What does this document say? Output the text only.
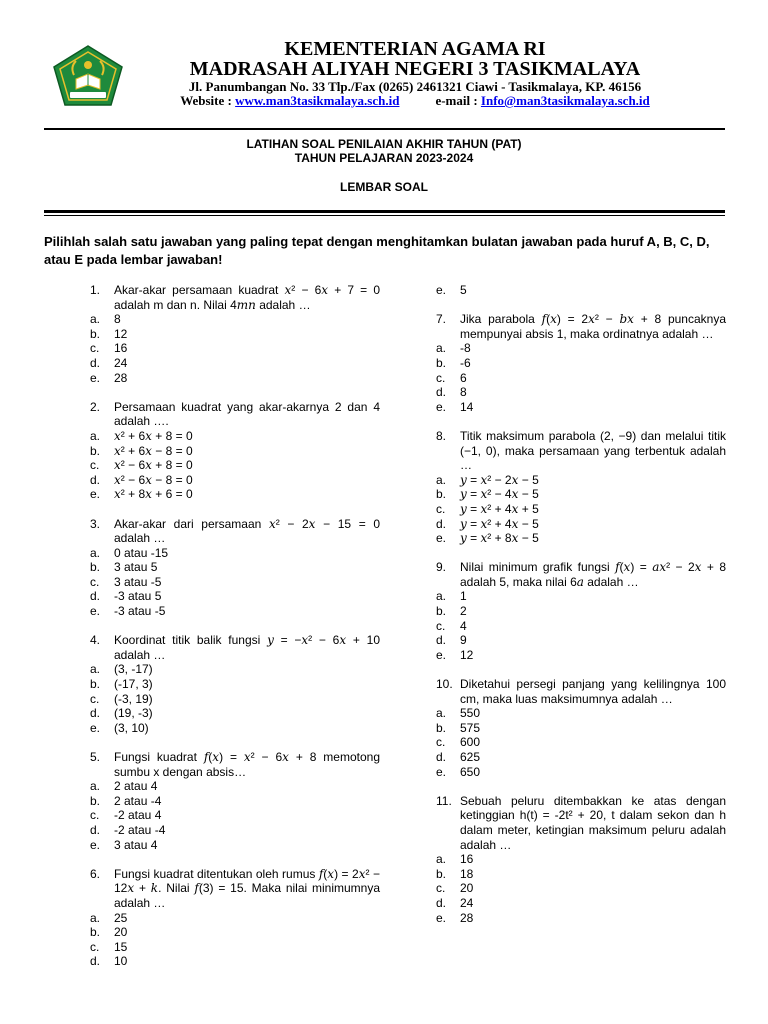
KEMENTERIAN AGAMA RI
MADRASAH ALIYAH NEGERI 3 TASIKMALAYA
Jl. Panumbangan No. 33 Tlp./Fax (0265) 2461321 Ciawi - Tasikmalaya, KP. 46156
Website : www.man3tasikmalaya.sch.id	e-mail : Info@man3tasikmalaya.sch.id
LATIHAN SOAL PENILAIAN AKHIR TAHUN (PAT)
TAHUN PELAJARAN 2023-2024
LEMBAR SOAL
Pilihlah salah satu jawaban yang paling tepat dengan menghitamkan bulatan jawaban pada huruf A, B, C, D, atau E pada lembar jawaban!
1.	Akar-akar persamaan kuadrat x² − 6x + 7 = 0 adalah m dan n. Nilai 4mn adalah …
a. 8
b. 12
c. 16
d. 24
e. 28
2.	Persamaan kuadrat yang akar-akarnya 2 dan 4 adalah ….
a. x² + 6x + 8 = 0
b. x² + 6x − 8 = 0
c. x² − 6x + 8 = 0
d. x² − 6x − 8 = 0
e. x² + 8x + 6 = 0
3.	Akar-akar dari persamaan x² − 2x − 15 = 0 adalah …
a. 0 atau -15
b. 3 atau 5
c. 3 atau -5
d. -3 atau 5
e. -3 atau -5
4.	Koordinat titik balik fungsi y = −x² − 6x + 10 adalah …
a. (3, -17)
b. (-17, 3)
c. (-3, 19)
d. (19, -3)
e. (3, 10)
5.	Fungsi kuadrat f(x) = x² − 6x + 8 memotong sumbu x dengan absis…
a. 2 atau 4
b. 2 atau -4
c. -2 atau 4
d. -2 atau -4
e. 3 atau 4
6.	Fungsi kuadrat ditentukan oleh rumus f(x) = 2x² − 12x + k. Nilai f(3) = 15. Maka nilai minimumnya adalah …
a. 25
b. 20
c. 15
d. 10
e. 5
7.	Jika parabola f(x) = 2x² − bx + 8 puncaknya mempunyai absis 1, maka ordinatnya adalah …
a. -8
b. -6
c. 6
d. 8
e. 14
8.	Titik maksimum parabola (2, −9) dan melalui titik (−1, 0), maka persamaan yang terbentuk adalah …
a. y = x² − 2x − 5
b. y = x² − 4x − 5
c. y = x² + 4x + 5
d. y = x² + 4x − 5
e. y = x² + 8x − 5
9.	Nilai minimum grafik fungsi f(x) = ax² − 2x + 8 adalah 5, maka nilai 6a adalah …
a. 1
b. 2
c. 4
d. 9
e. 12
10. Diketahui persegi panjang yang kelilingnya 100 cm, maka luas maksimumnya adalah …
a. 550
b. 575
c. 600
d. 625
e. 650
11. Sebuah peluru ditembakkan ke atas dengan ketinggian h(t) = -2t² + 20, t dalam sekon dan h dalam meter, ketingian maksimum peluru adalah adalah …
a. 16
b. 18
c. 20
d. 24
e. 28
